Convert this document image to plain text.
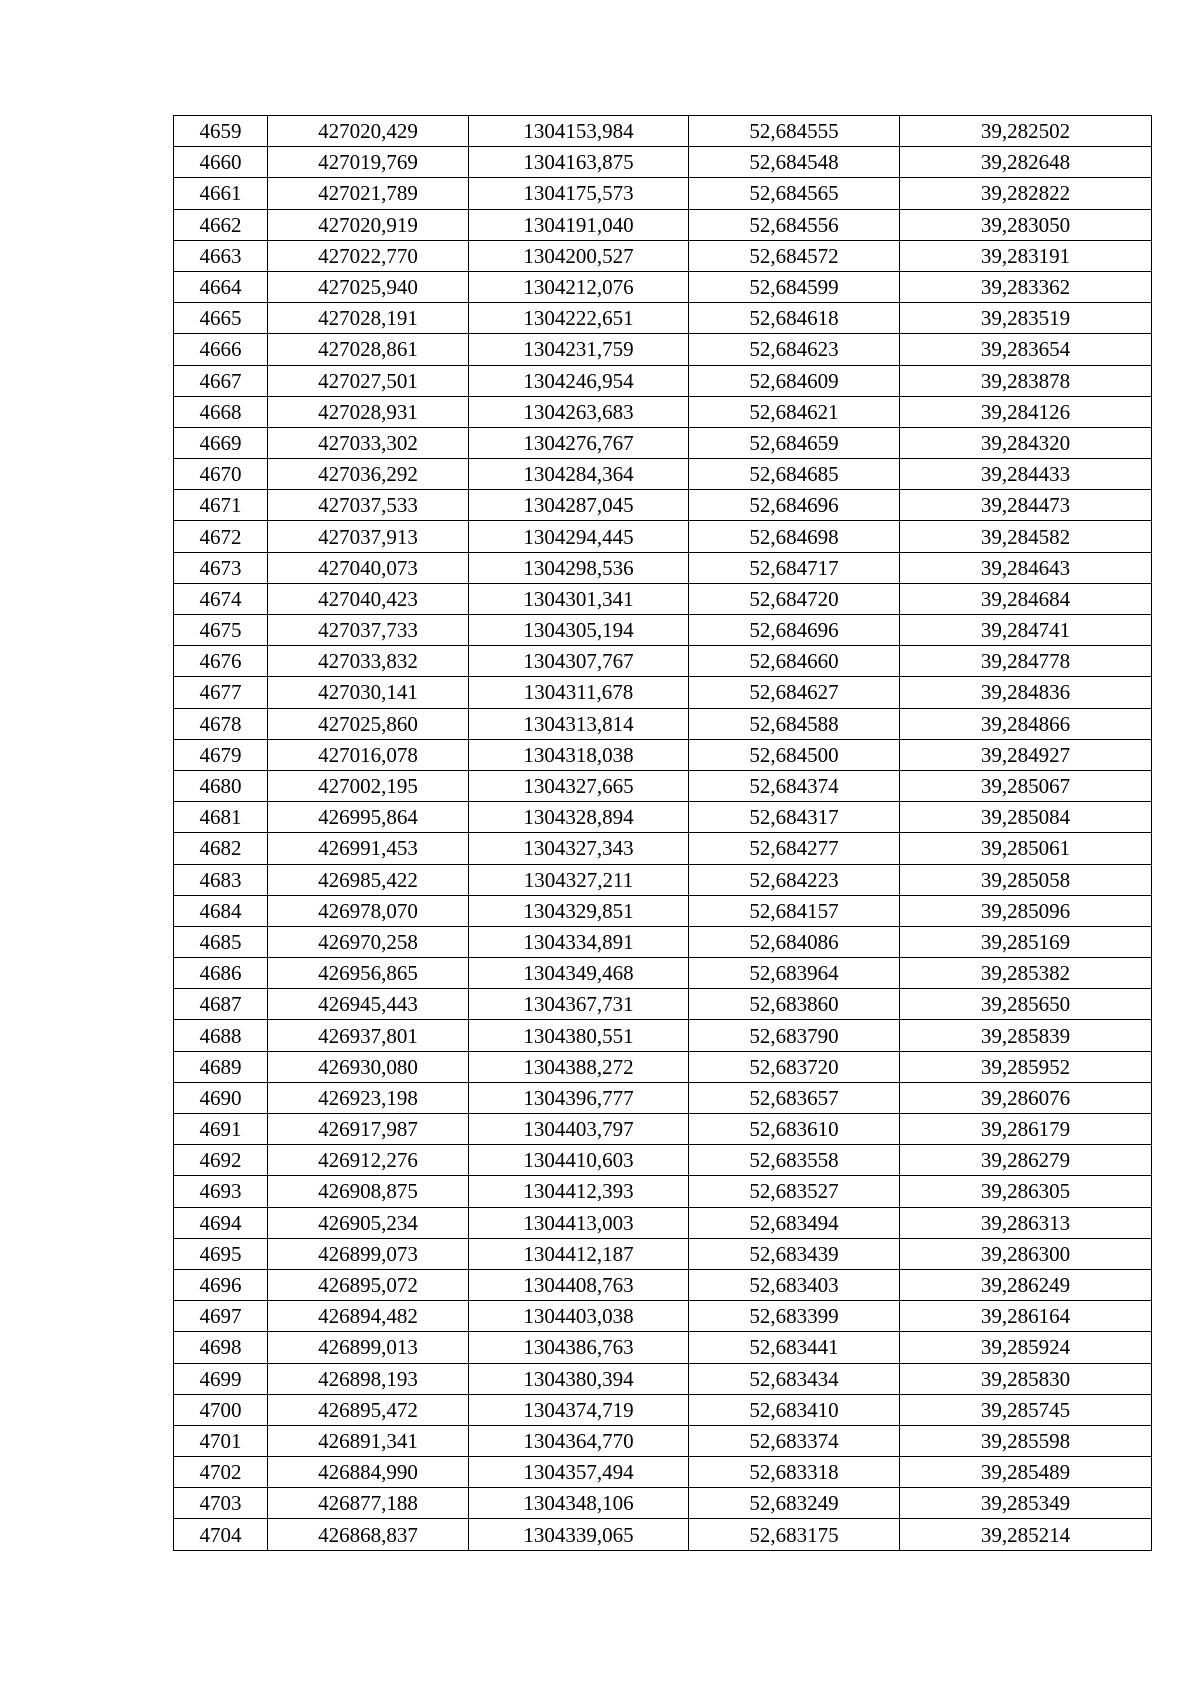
4659	427020,429	1304153,984	52,684555	39,282502
4660	427019,769	1304163,875	52,684548	39,282648
4661	427021,789	1304175,573	52,684565	39,282822
4662	427020,919	1304191,040	52,684556	39,283050
4663	427022,770	1304200,527	52,684572	39,283191
4664	427025,940	1304212,076	52,684599	39,283362
4665	427028,191	1304222,651	52,684618	39,283519
4666	427028,861	1304231,759	52,684623	39,283654
4667	427027,501	1304246,954	52,684609	39,283878
4668	427028,931	1304263,683	52,684621	39,284126
4669	427033,302	1304276,767	52,684659	39,284320
4670	427036,292	1304284,364	52,684685	39,284433
4671	427037,533	1304287,045	52,684696	39,284473
4672	427037,913	1304294,445	52,684698	39,284582
4673	427040,073	1304298,536	52,684717	39,284643
4674	427040,423	1304301,341	52,684720	39,284684
4675	427037,733	1304305,194	52,684696	39,284741
4676	427033,832	1304307,767	52,684660	39,284778
4677	427030,141	1304311,678	52,684627	39,284836
4678	427025,860	1304313,814	52,684588	39,284866
4679	427016,078	1304318,038	52,684500	39,284927
4680	427002,195	1304327,665	52,684374	39,285067
4681	426995,864	1304328,894	52,684317	39,285084
4682	426991,453	1304327,343	52,684277	39,285061
4683	426985,422	1304327,211	52,684223	39,285058
4684	426978,070	1304329,851	52,684157	39,285096
4685	426970,258	1304334,891	52,684086	39,285169
4686	426956,865	1304349,468	52,683964	39,285382
4687	426945,443	1304367,731	52,683860	39,285650
4688	426937,801	1304380,551	52,683790	39,285839
4689	426930,080	1304388,272	52,683720	39,285952
4690	426923,198	1304396,777	52,683657	39,286076
4691	426917,987	1304403,797	52,683610	39,286179
4692	426912,276	1304410,603	52,683558	39,286279
4693	426908,875	1304412,393	52,683527	39,286305
4694	426905,234	1304413,003	52,683494	39,286313
4695	426899,073	1304412,187	52,683439	39,286300
4696	426895,072	1304408,763	52,683403	39,286249
4697	426894,482	1304403,038	52,683399	39,286164
4698	426899,013	1304386,763	52,683441	39,285924
4699	426898,193	1304380,394	52,683434	39,285830
4700	426895,472	1304374,719	52,683410	39,285745
4701	426891,341	1304364,770	52,683374	39,285598
4702	426884,990	1304357,494	52,683318	39,285489
4703	426877,188	1304348,106	52,683249	39,285349
4704	426868,837	1304339,065	52,683175	39,285214
